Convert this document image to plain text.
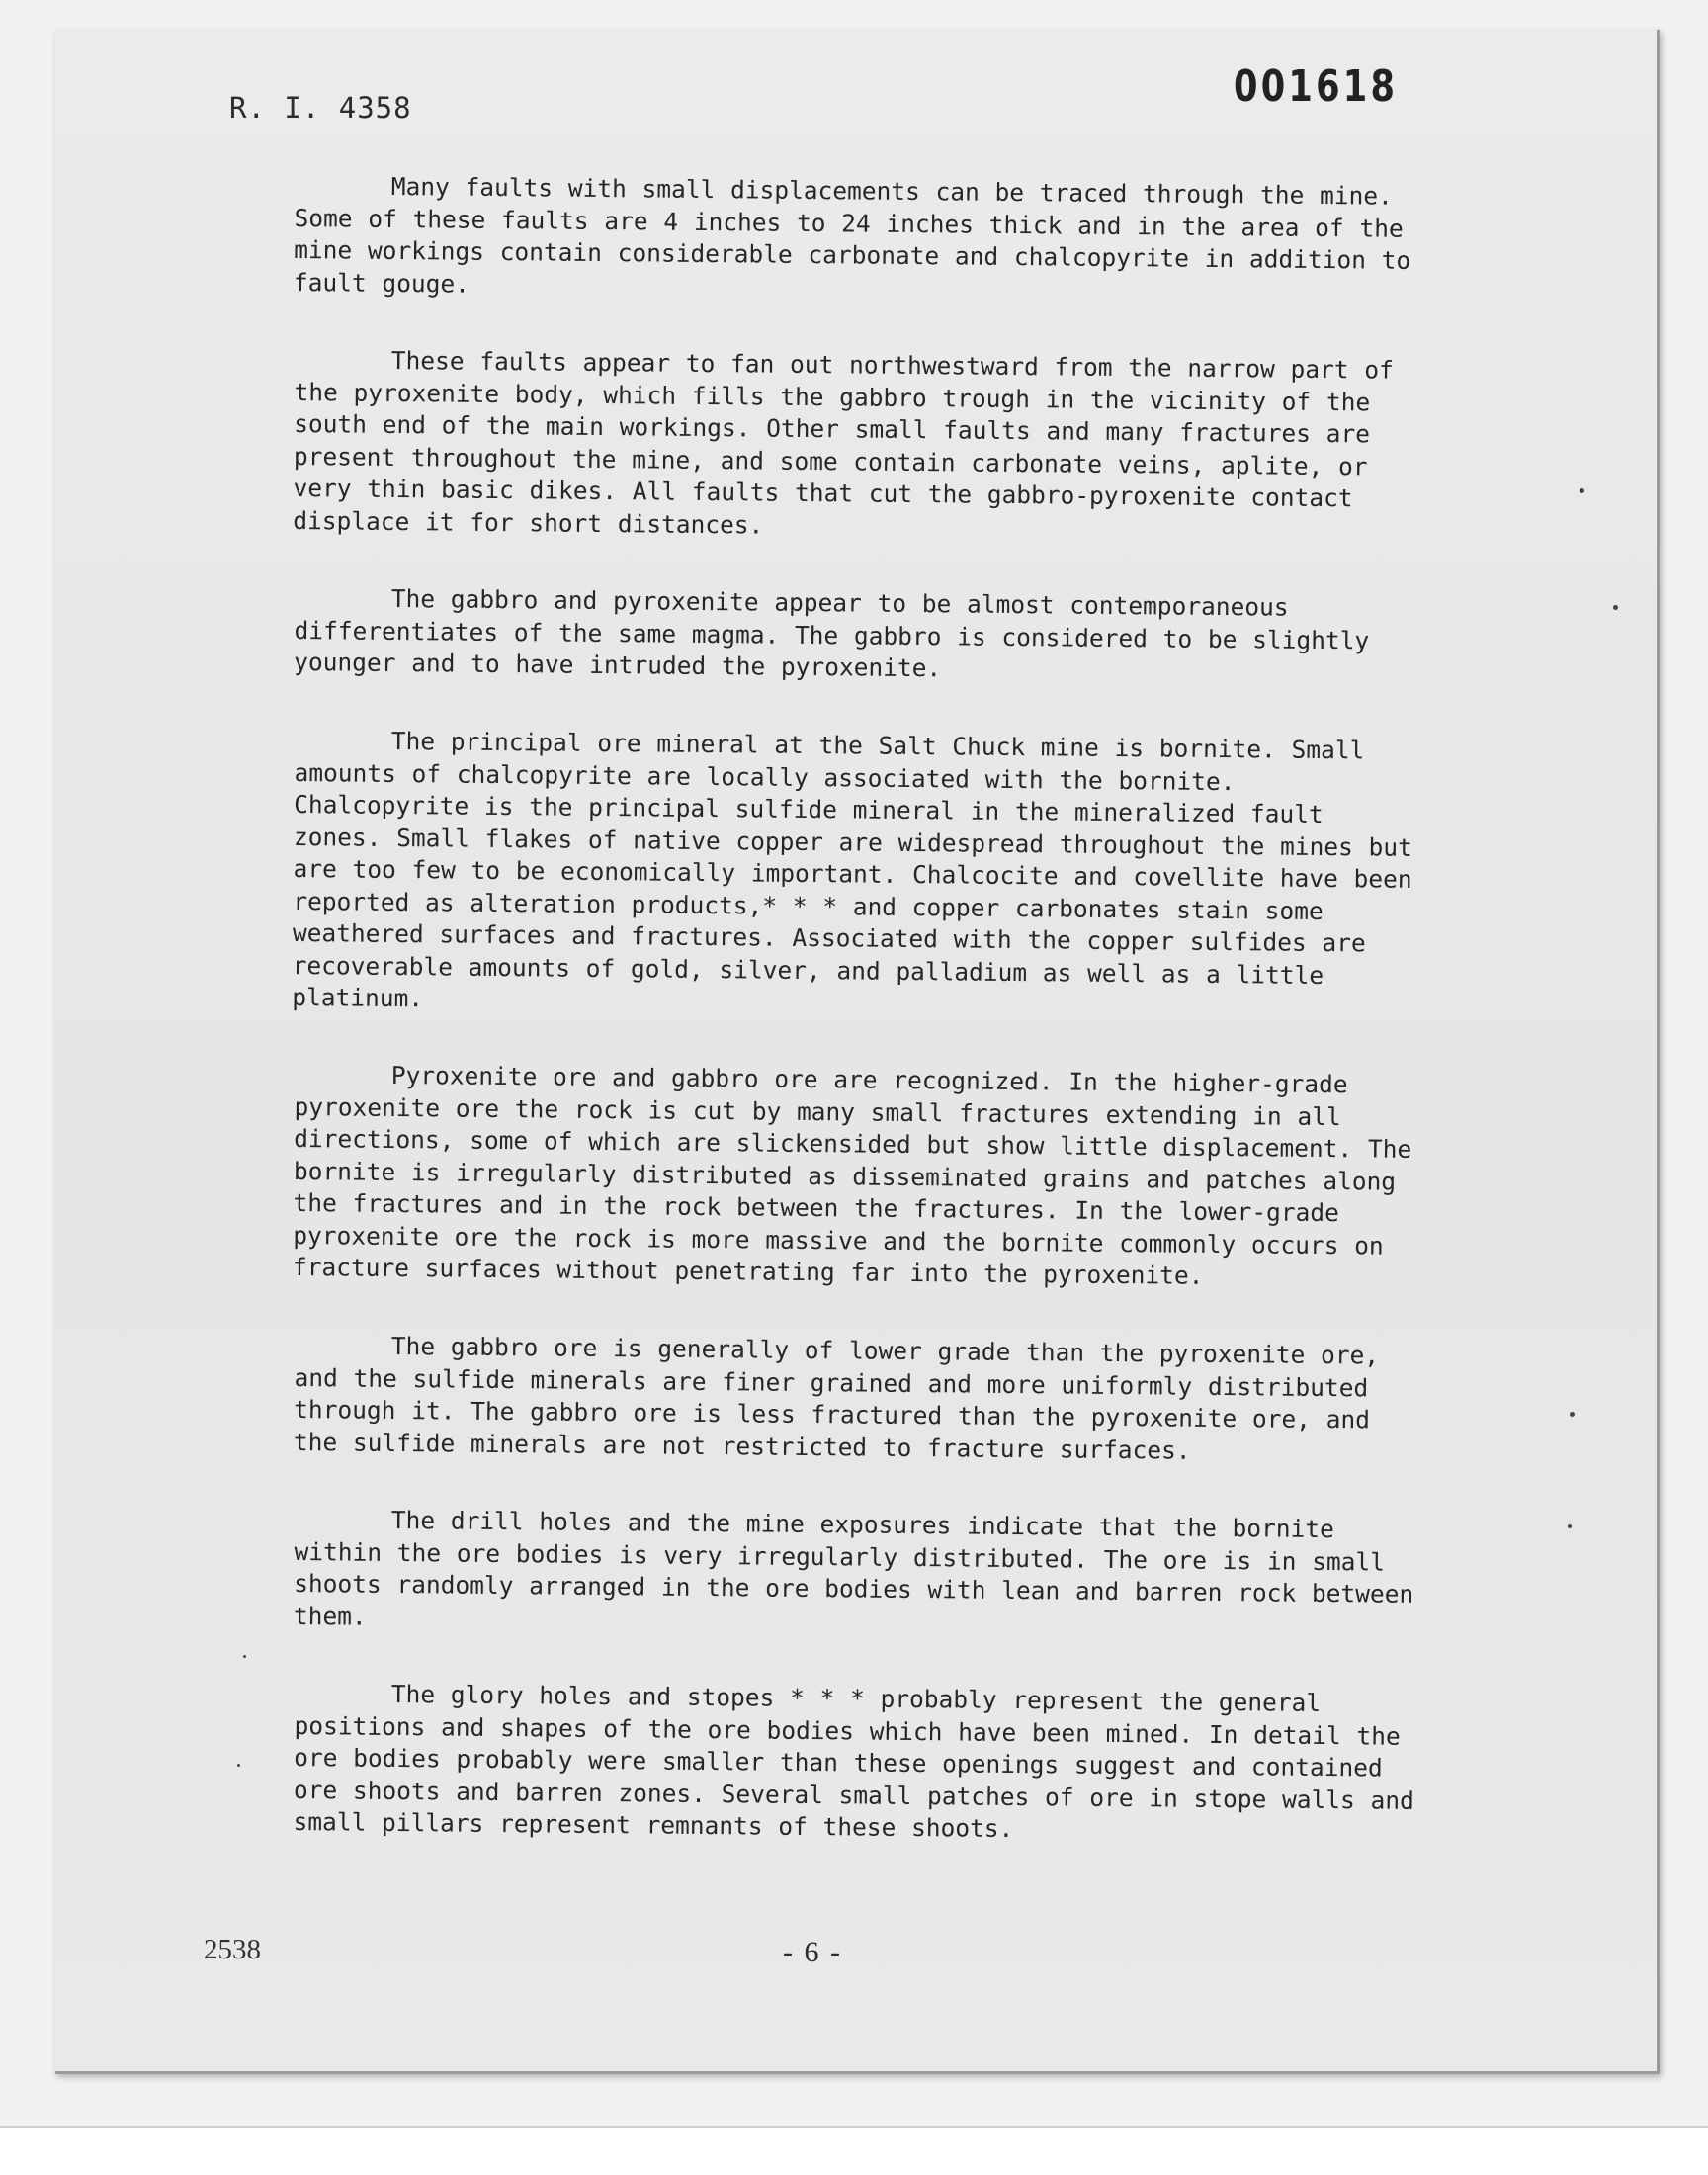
R. I. 4358	001618

Many faults with small displacements can be traced through the mine. Some of these faults are 4 inches to 24 inches thick and in the area of the mine workings contain considerable carbonate and chalcopyrite in addition to fault gouge.

These faults appear to fan out northwestward from the narrow part of the pyroxenite body, which fills the gabbro trough in the vicinity of the south end of the main workings. Other small faults and many fractures are present throughout the mine, and some contain carbonate veins, aplite, or very thin basic dikes. All faults that cut the gabbro-pyroxenite contact displace it for short distances.

The gabbro and pyroxenite appear to be almost contemporaneous differentiates of the same magma. The gabbro is considered to be slightly younger and to have intruded the pyroxenite.

The principal ore mineral at the Salt Chuck mine is bornite. Small amounts of chalcopyrite are locally associated with the bornite. Chalcopyrite is the principal sulfide mineral in the mineralized fault zones. Small flakes of native copper are widespread throughout the mines but are too few to be economically important. Chalcocite and covellite have been reported as alteration products,* * * and copper carbonates stain some weathered surfaces and fractures. Associated with the copper sulfides are recoverable amounts of gold, silver, and palladium as well as a little platinum.

Pyroxenite ore and gabbro ore are recognized. In the higher-grade pyroxenite ore the rock is cut by many small fractures extending in all directions, some of which are slickensided but show little displacement. The bornite is irregularly distributed as disseminated grains and patches along the fractures and in the rock between the fractures. In the lower-grade pyroxenite ore the rock is more massive and the bornite commonly occurs on fracture surfaces without penetrating far into the pyroxenite.

The gabbro ore is generally of lower grade than the pyroxenite ore, and the sulfide minerals are finer grained and more uniformly distributed through it. The gabbro ore is less fractured than the pyroxenite ore, and the sulfide minerals are not restricted to fracture surfaces.

The drill holes and the mine exposures indicate that the bornite within the ore bodies is very irregularly distributed. The ore is in small shoots randomly arranged in the ore bodies with lean and barren rock between them.

The glory holes and stopes * * * probably represent the general positions and shapes of the ore bodies which have been mined. In detail the ore bodies probably were smaller than these openings suggest and contained ore shoots and barren zones. Several small patches of ore in stope walls and small pillars represent remnants of these shoots.

2538	- 6 -
